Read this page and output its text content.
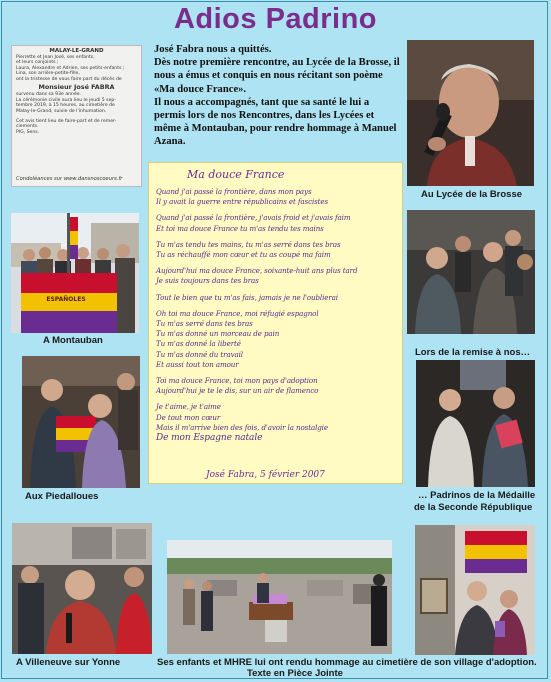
Adios Padrino
MALAY-LE-GRAND
Pierrette et Jean José, ses enfants,
et leurs conjoints ;
Laura, Alexandre et Adrien, ses petits-enfants ;
Lina, son arrière-petite-fille,
ont la tristesse de vous faire part du décès de
Monsieur José FABRA
survenu dans sa 93e année.
La cérémonie civile aura lieu le jeudi 5 sep-
tembre 2019, à 15 heures, au cimetière de
Malay-le-Grand, suivie de l'inhumation.
Cet avis tient lieu de faire-part et de remer-
ciements.
PIG, Sens.
Condoléances sur www.dansnoscoeurs.fr

José Fabra nous a quittés.

Dès notre première rencontre, au Lycée de la Brosse, il nous a émus et conquis en nous récitant son poème «Ma douce France».

Il nous a accompagnés, tant que sa santé le lui a permis lors de nos Rencontres, dans les Lycées et même à Montauban, pour rendre hommage à Manuel Azana.

Au Lycée de la Brosse
A Montauban
Lors de la remise à nos…
Ma douce France
Quand j'ai passé la frontière, dans mon pays
Il y avait la guerre entre républicains et fascistes
Quand j'ai passé la frontière, j'avais froid et j'avais faim
Et toi ma douce France tu m'as tendu tes mains
Tu m'as tendu tes mains, tu m'as serré dans tes bras
Tu as réchauffé mon cœur et tu as coupé ma faim
Aujourd'hui ma douce France, soixante-huit ans plus tard
Je suis toujours dans tes bras
Tout le bien que tu m'as fais, jamais je ne l'oublierai
Oh toi ma douce France, moi réfugié espagnol
Tu m'as serré dans tes bras
Tu m'as donné un morceau de pain
Tu m'as donné la liberté
Tu m'as donné du travail
Et aussi tout ton amour
Toi ma douce France, toi mon pays d'adoption
Aujourd'hui je te le dis, sur un air de flamenco
Je t'aime, je t'aime
De tout mon cœur
Mais il m'arrive bien des fois, d'avoir la nostalgie
De mon Espagne natale
José Fabra, 5 février 2007
Aux Piedalloues	… Padrinos de la Médaille
de la Seconde République
A Villeneuve sur Yonne	Ses enfants et MHRE lui ont rendu hommage au cimetière de son village d'adoption.
Texte en Pièce Jointe
ESPAÑOLES
